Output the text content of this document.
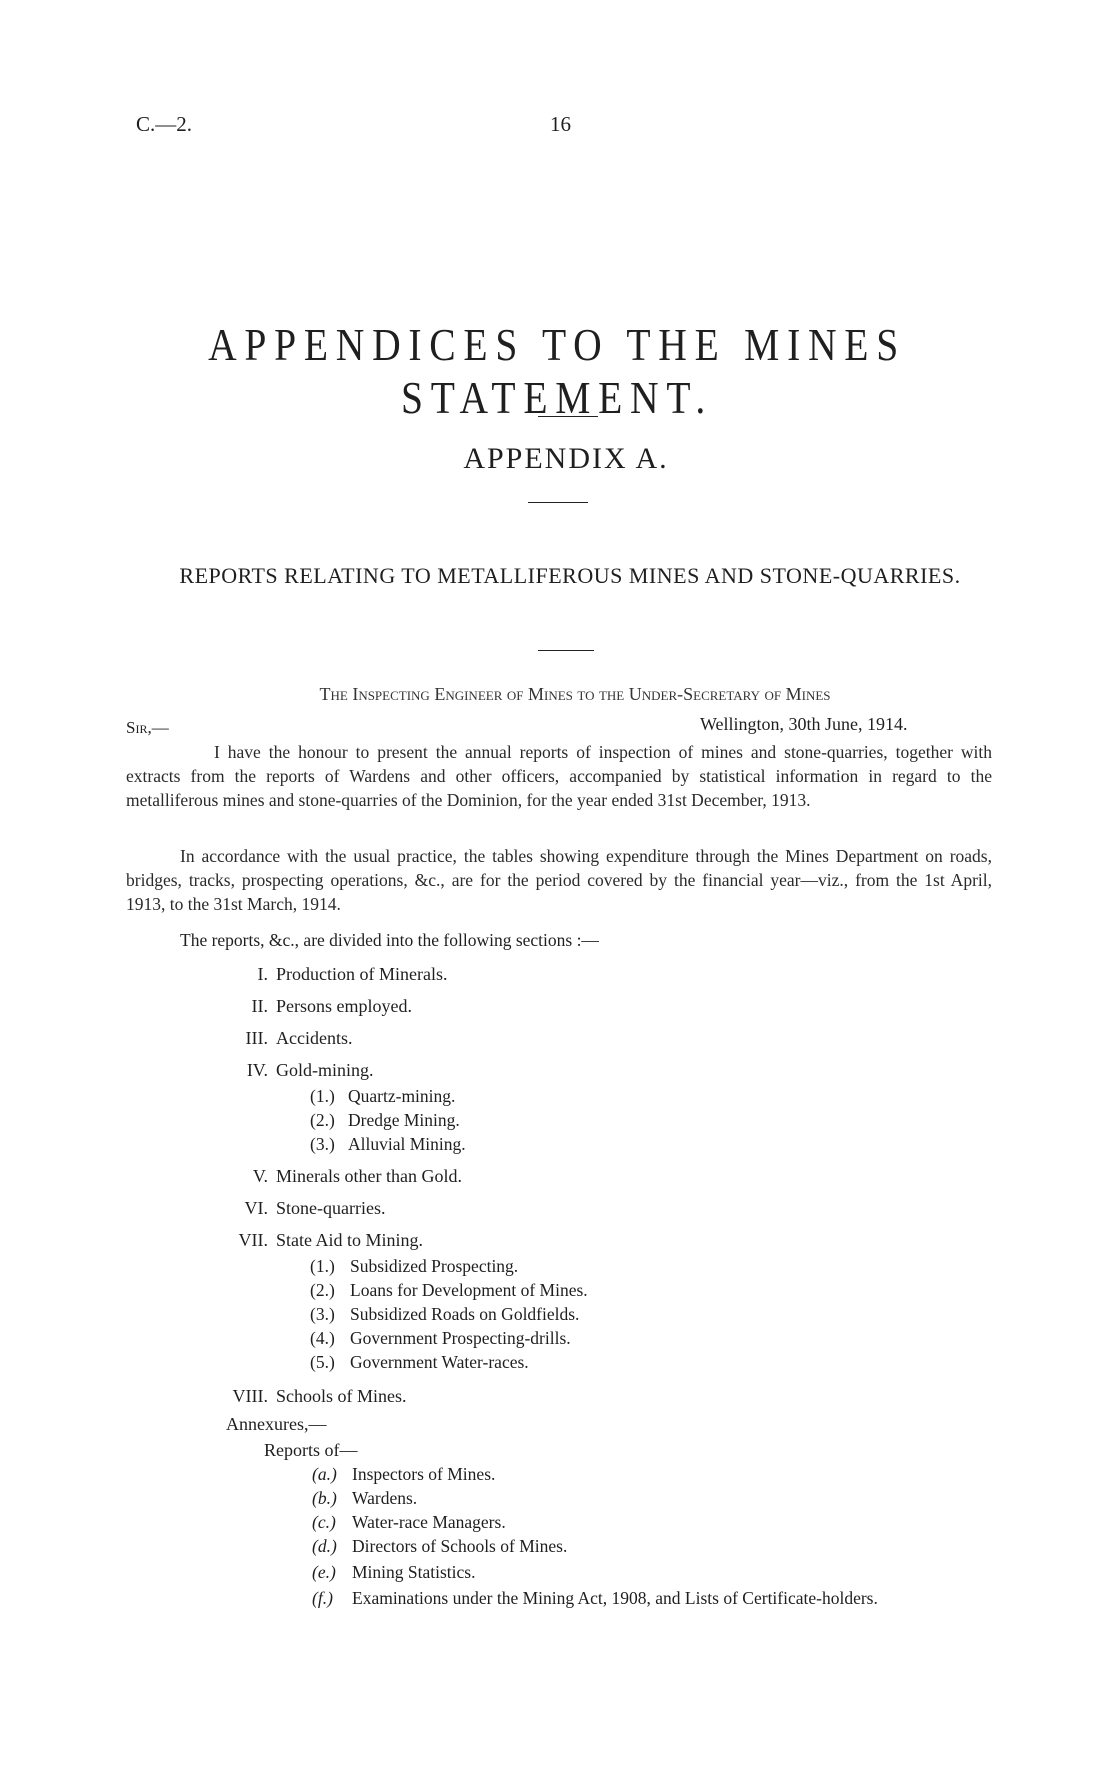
C.—2.	16
APPENDICES TO THE MINES STATEMENT.
APPENDIX A.
REPORTS RELATING TO METALLIFEROUS MINES AND STONE-QUARRIES.
The Inspecting Engineer of Mines to the Under-Secretary of Mines
Sir,—	Wellington, 30th June, 1914.
I have the honour to present the annual reports of inspection of mines and stone-quarries, together with extracts from the reports of Wardens and other officers, accompanied by statistical information in regard to the metalliferous mines and stone-quarries of the Dominion, for the year ended 31st December, 1913.
In accordance with the usual practice, the tables showing expenditure through the Mines Department on roads, bridges, tracks, prospecting operations, &c., are for the period covered by the financial year—viz., from the 1st April, 1913, to the 31st March, 1914.
The reports, &c., are divided into the following sections :—
I. Production of Minerals.
II. Persons employed.
III. Accidents.
IV. Gold-mining.
(1.) Quartz-mining.
(2.) Dredge Mining.
(3.) Alluvial Mining.
V. Minerals other than Gold.
VI. Stone-quarries.
VII. State Aid to Mining.
(1.) Subsidized Prospecting.
(2.) Loans for Development of Mines.
(3.) Subsidized Roads on Goldfields.
(4.) Government Prospecting-drills.
(5.) Government Water-races.
VIII. Schools of Mines.
Annexures,—
Reports of—
(a.) Inspectors of Mines.
(b.) Wardens.
(c.) Water-race Managers.
(d.) Directors of Schools of Mines.
(e.) Mining Statistics.
(f.) Examinations under the Mining Act, 1908, and Lists of Certificate-holders.
